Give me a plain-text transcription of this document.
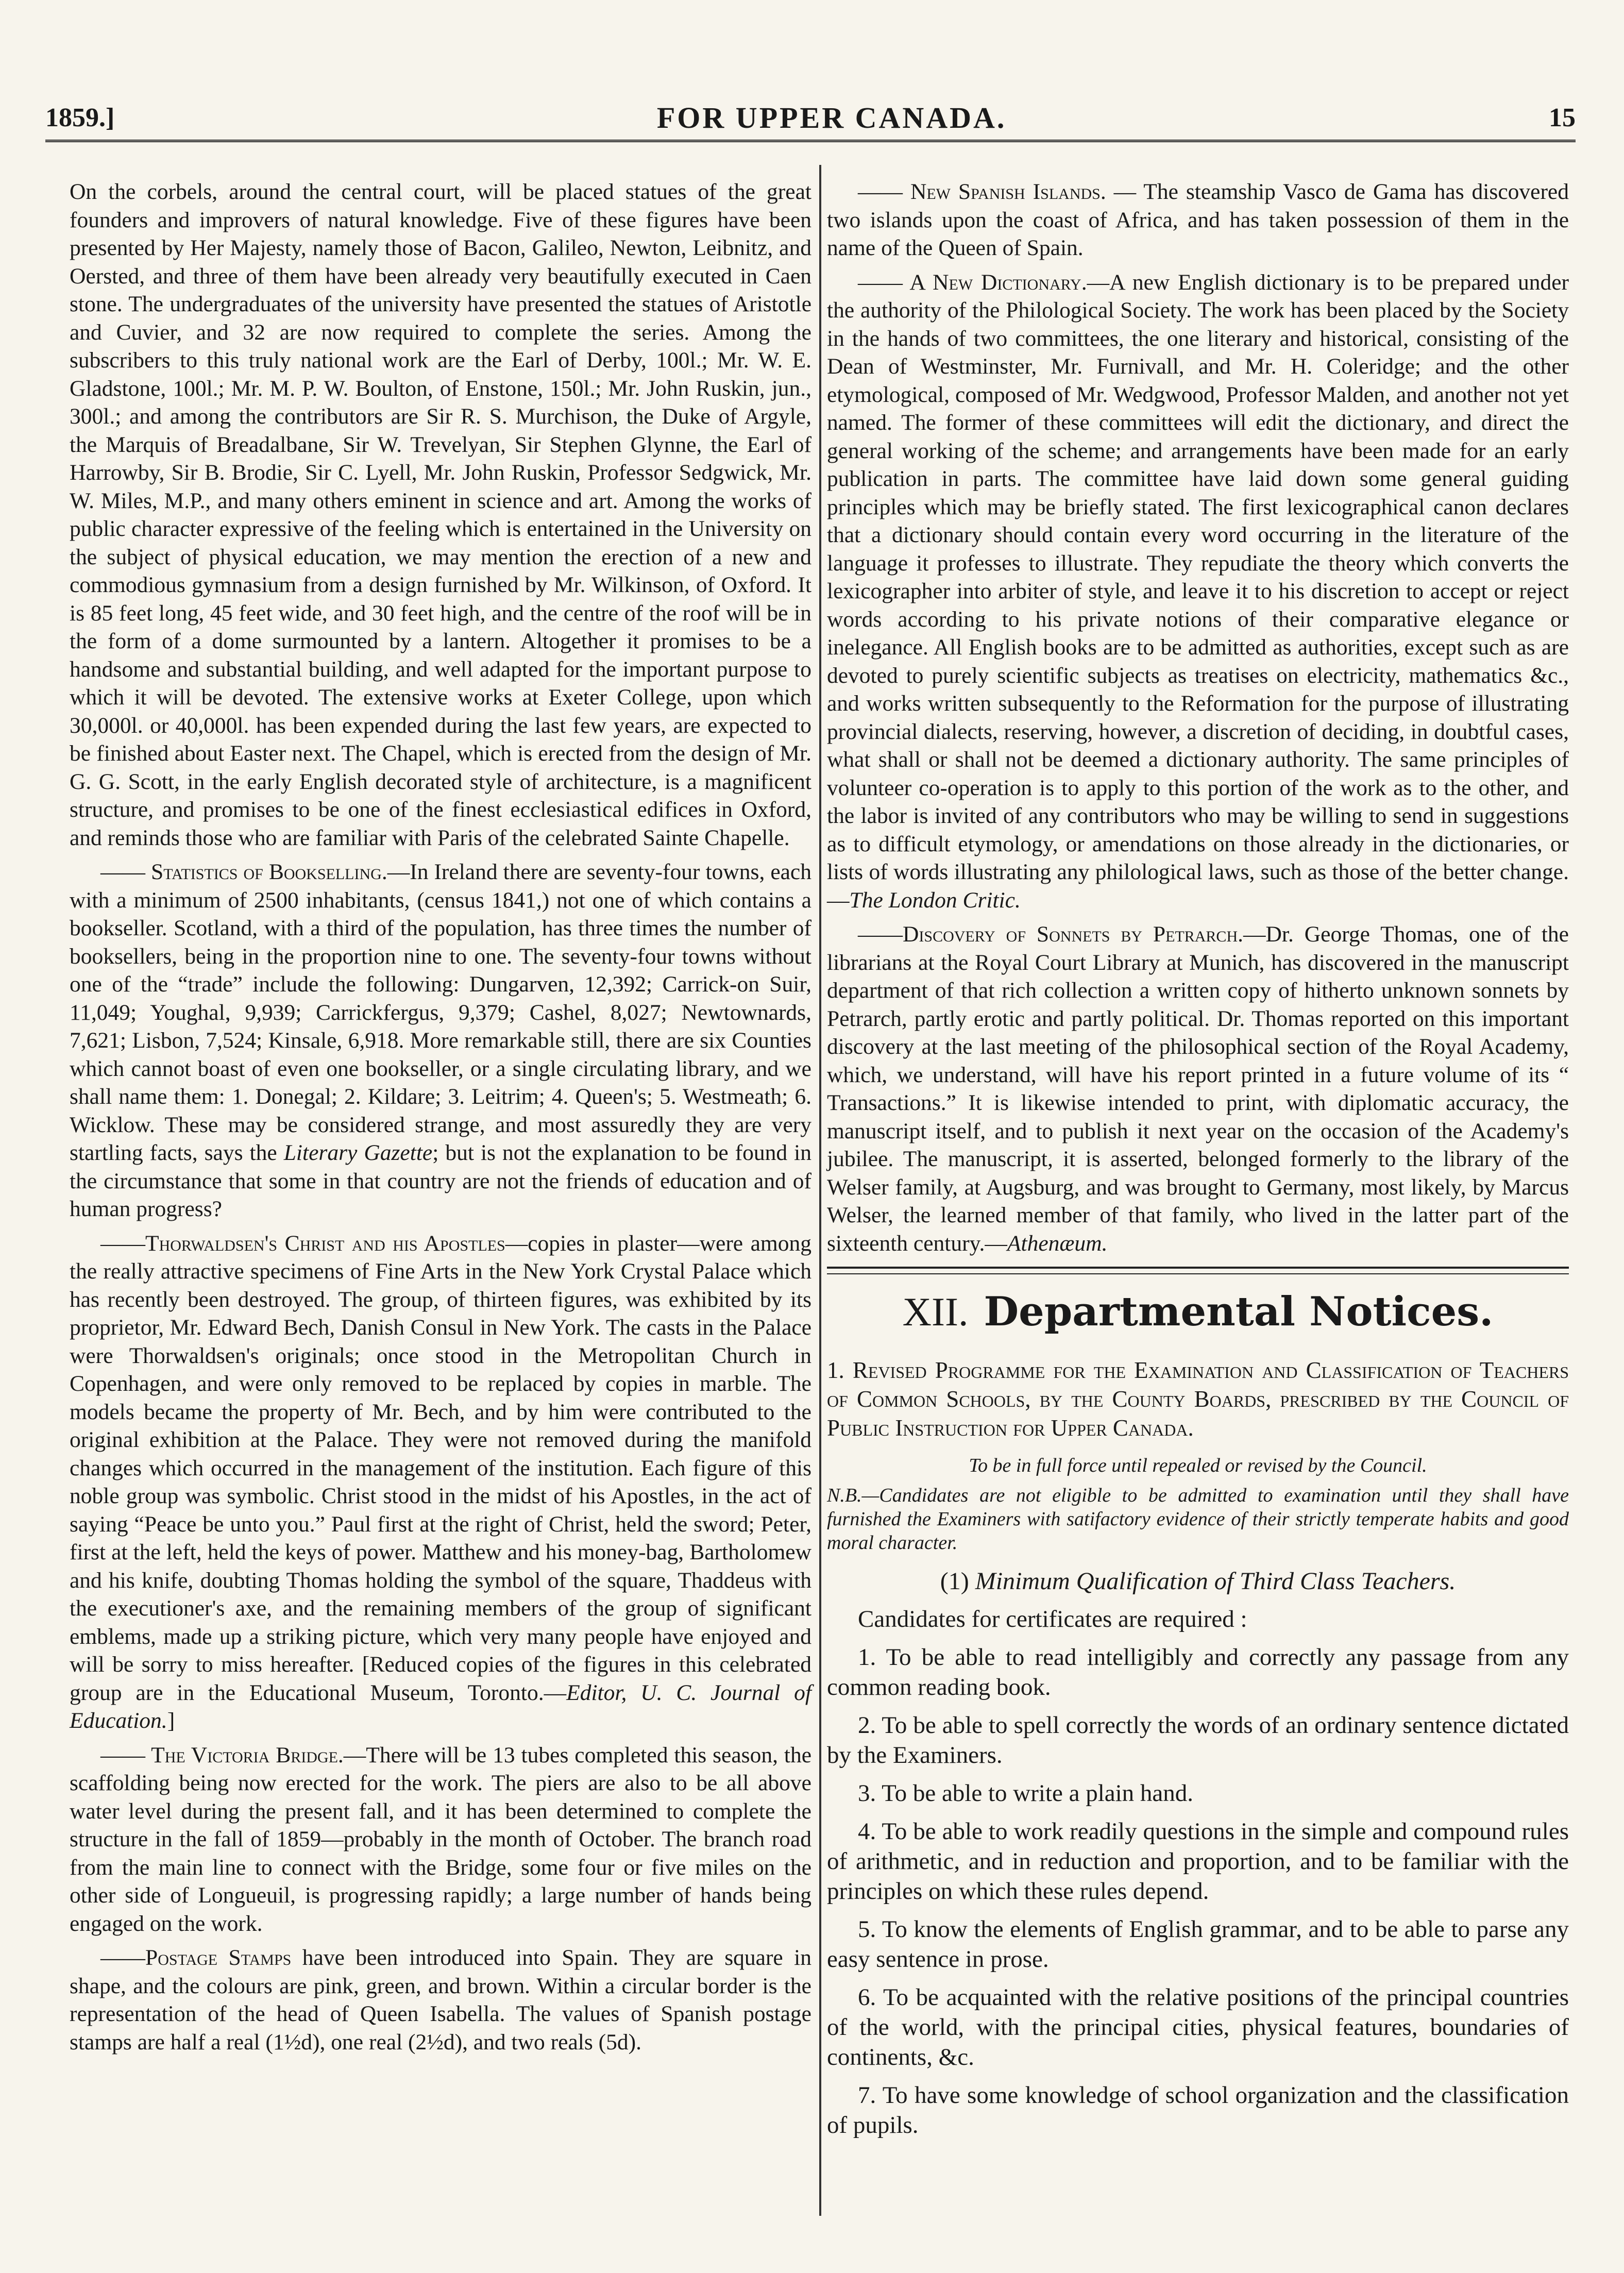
1859.]	FOR UPPER CANADA.	15

On the corbels, around the central court, will be placed statues of the great founders and improvers of natural knowledge. Five of these figures have been presented by Her Majesty, namely those of Bacon, Galileo, Newton, Leibnitz, and Oersted, and three of them have been already very beautifully executed in Caen stone. The undergraduates of the university have presented the statues of Aristotle and Cuvier, and 32 are now required to complete the series. Among the subscribers to this truly national work are the Earl of Derby, 100l.; Mr. W. E. Gladstone, 100l.; Mr. M. P. W. Boulton, of Enstone, 150l.; Mr. John Ruskin, jun., 300l.; and among the contributors are Sir R. S. Murchison, the Duke of Argyle, the Marquis of Breadalbane, Sir W. Trevelyan, Sir Stephen Glynne, the Earl of Harrowby, Sir B. Brodie, Sir C. Lyell, Mr. John Ruskin, Professor Sedgwick, Mr. W. Miles, M.P., and many others eminent in science and art. Among the works of public character expressive of the feeling which is entertained in the University on the subject of physical education, we may mention the erection of a new and commodious gymnasium from a design furnished by Mr. Wilkinson, of Oxford. It is 85 feet long, 45 feet wide, and 30 feet high, and the centre of the roof will be in the form of a dome surmounted by a lantern. Altogether it promises to be a handsome and substantial building, and well adapted for the important purpose to which it will be devoted. The extensive works at Exeter College, upon which 30,000l. or 40,000l. has been expended during the last few years, are expected to be finished about Easter next. The Chapel, which is erected from the design of Mr. G. G. Scott, in the early English decorated style of architecture, is a magnificent structure, and promises to be one of the finest ecclesiastical edifices in Oxford, and reminds those who are familiar with Paris of the celebrated Sainte Chapelle.

—— Statistics of Bookselling.—In Ireland there are seventy-four towns, each with a minimum of 2500 inhabitants, (census 1841,) not one of which contains a bookseller. Scotland, with a third of the population, has three times the number of booksellers, being in the proportion nine to one. The seventy-four towns without one of the “trade” include the following: Dungarven, 12,392; Carrick-on Suir, 11,049; Youghal, 9,939; Carrickfergus, 9,379; Cashel, 8,027; Newtownards, 7,621; Lisbon, 7,524; Kinsale, 6,918. More remarkable still, there are six Counties which cannot boast of even one bookseller, or a single circulating library, and we shall name them: 1. Donegal; 2. Kildare; 3. Leitrim; 4. Queen's; 5. Westmeath; 6. Wicklow. These may be considered strange, and most assuredly they are very startling facts, says the Literary Gazette; but is not the explanation to be found in the circumstance that some in that country are not the friends of education and of human progress?

——Thorwaldsen's Christ and his Apostles—copies in plaster—were among the really attractive specimens of Fine Arts in the New York Crystal Palace which has recently been destroyed. The group, of thirteen figures, was exhibited by its proprietor, Mr. Edward Bech, Danish Consul in New York. The casts in the Palace were Thorwaldsen's originals; once stood in the Metropolitan Church in Copenhagen, and were only removed to be replaced by copies in marble. The models became the property of Mr. Bech, and by him were contributed to the original exhibition at the Palace. They were not removed during the manifold changes which occurred in the management of the institution. Each figure of this noble group was symbolic. Christ stood in the midst of his Apostles, in the act of saying “Peace be unto you.” Paul first at the right of Christ, held the sword; Peter, first at the left, held the keys of power. Matthew and his money-bag, Bartholomew and his knife, doubting Thomas holding the symbol of the square, Thaddeus with the executioner's axe, and the remaining members of the group of significant emblems, made up a striking picture, which very many people have enjoyed and will be sorry to miss hereafter. [Reduced copies of the figures in this celebrated group are in the Educational Museum, Toronto.—Editor, U. C. Journal of Education.]

—— The Victoria Bridge.—There will be 13 tubes completed this season, the scaffolding being now erected for the work. The piers are also to be all above water level during the present fall, and it has been determined to complete the structure in the fall of 1859—probably in the month of October. The branch road from the main line to connect with the Bridge, some four or five miles on the other side of Longueuil, is progressing rapidly; a large number of hands being engaged on the work.

——Postage Stamps have been introduced into Spain. They are square in shape, and the colours are pink, green, and brown. Within a circular border is the representation of the head of Queen Isabella. The values of Spanish postage stamps are half a real (1½d), one real (2½d), and two reals (5d).

—— New Spanish Islands. — The steamship Vasco de Gama has discovered two islands upon the coast of Africa, and has taken possession of them in the name of the Queen of Spain.

—— A New Dictionary.—A new English dictionary is to be prepared under the authority of the Philological Society. The work has been placed by the Society in the hands of two committees, the one literary and historical, consisting of the Dean of Westminster, Mr. Furnivall, and Mr. H. Coleridge; and the other etymological, composed of Mr. Wedgwood, Professor Malden, and another not yet named. The former of these committees will edit the dictionary, and direct the general working of the scheme; and arrangements have been made for an early publication in parts. The committee have laid down some general guiding principles which may be briefly stated. The first lexicographical canon declares that a dictionary should contain every word occurring in the literature of the language it professes to illustrate. They repudiate the theory which converts the lexicographer into arbiter of style, and leave it to his discretion to accept or reject words according to his private notions of their comparative elegance or inelegance. All English books are to be admitted as authorities, except such as are devoted to purely scientific subjects as treatises on electricity, mathematics &c., and works written subsequently to the Reformation for the purpose of illustrating provincial dialects, reserving, however, a discretion of deciding, in doubtful cases, what shall or shall not be deemed a dictionary authority. The same principles of volunteer co-operation is to apply to this portion of the work as to the other, and the labor is invited of any contributors who may be willing to send in suggestions as to difficult etymology, or amendations on those already in the dictionaries, or lists of words illustrating any philological laws, such as those of the better change.—The London Critic.

——Discovery of Sonnets by Petrarch.—Dr. George Thomas, one of the librarians at the Royal Court Library at Munich, has discovered in the manuscript department of that rich collection a written copy of hitherto unknown sonnets by Petrarch, partly erotic and partly political. Dr. Thomas reported on this important discovery at the last meeting of the philosophical section of the Royal Academy, which, we understand, will have his report printed in a future volume of its “ Transactions.” It is likewise intended to print, with diplomatic accuracy, the manuscript itself, and to publish it next year on the occasion of the Academy's jubilee. The manuscript, it is asserted, belonged formerly to the library of the Welser family, at Augsburg, and was brought to Germany, most likely, by Marcus Welser, the learned member of that family, who lived in the latter part of the sixteenth century.—Athenæum.

XII. Departmental Notices.

1. Revised Programme for the Examination and Classification of Teachers of Common Schools, by the County Boards, prescribed by the Council of Public Instruction for Upper Canada.

To be in full force until repealed or revised by the Council.

N.B.—Candidates are not eligible to be admitted to examination until they shall have furnished the Examiners with satifactory evidence of their strictly temperate habits and good moral character.

(1) Minimum Qualification of Third Class Teachers.

Candidates for certificates are required :

1. To be able to read intelligibly and correctly any passage from any common reading book.

2. To be able to spell correctly the words of an ordinary sentence dictated by the Examiners.

3. To be able to write a plain hand.

4. To be able to work readily questions in the simple and compound rules of arithmetic, and in reduction and proportion, and to be familiar with the principles on which these rules depend.

5. To know the elements of English grammar, and to be able to parse any easy sentence in prose.

6. To be acquainted with the relative positions of the principal countries of the world, with the principal cities, physical features, boundaries of continents, &c.

7. To have some knowledge of school organization and the classification of pupils.
